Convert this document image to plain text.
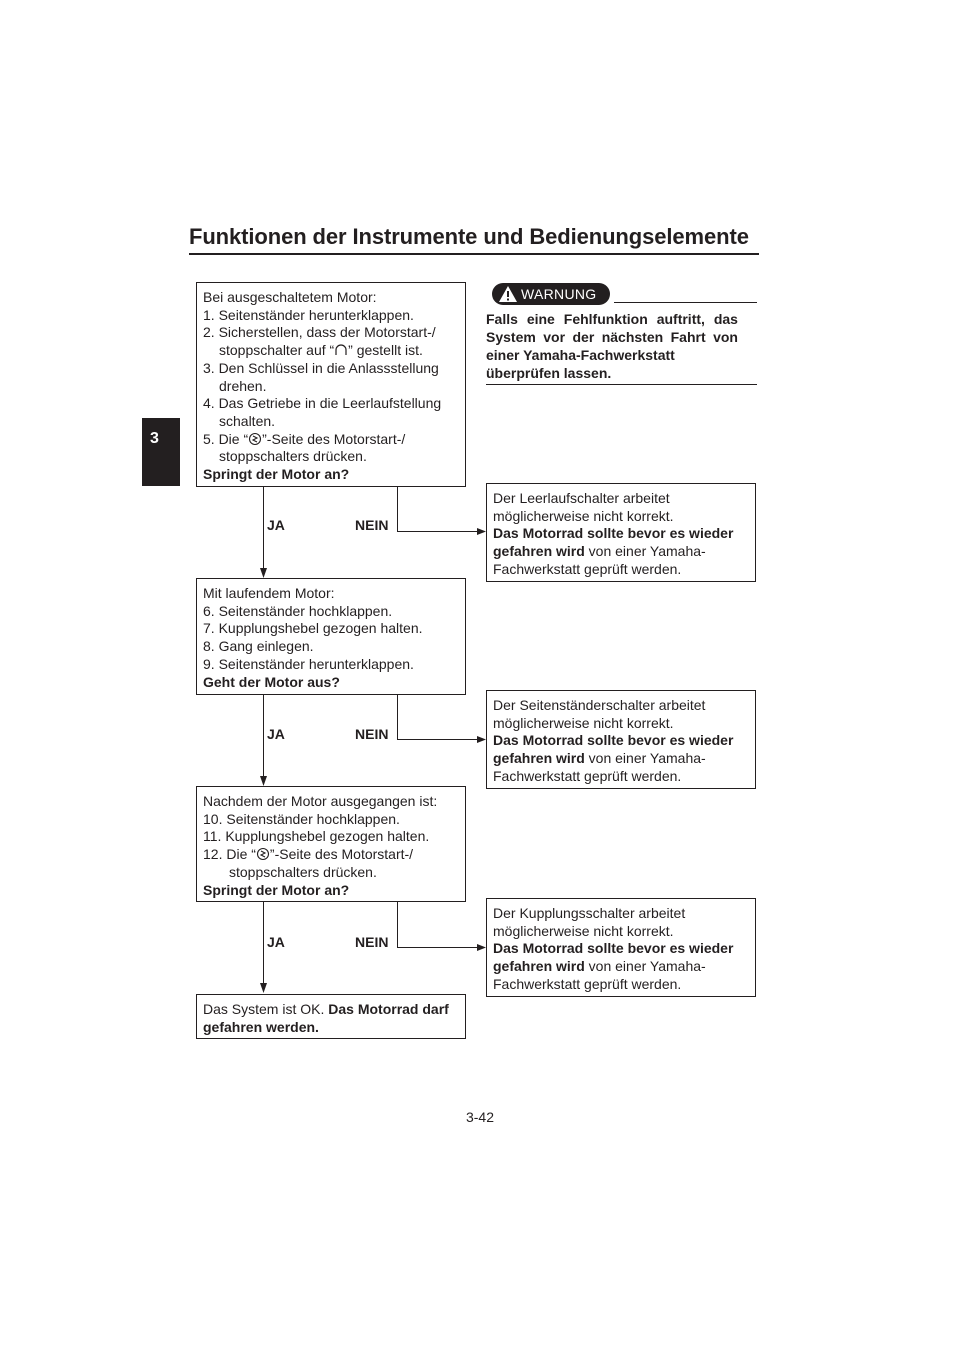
Funktionen der Instrumente und Bedienungselemente
3
Bei ausgeschaltetem Motor:
1. Seitenständer herunterklappen.
2. Sicherstellen, dass der Motorstart-/
stoppschalter auf “ ” gestellt ist.
3. Den Schlüssel in die Anlassstellung
drehen.
4. Das Getriebe in die Leerlaufstellung
schalten.
5. Die “ ”-Seite des Motorstart-/
stoppschalters drücken.
Springt der Motor an?
JA	NEIN
Der Leerlaufschalter arbeitet
möglicherweise nicht korrekt.
Das Motorrad sollte bevor es wieder
gefahren wird von einer Yamaha-
Fachwerkstatt geprüft werden.
Mit laufendem Motor:
6. Seitenständer hochklappen.
7. Kupplungshebel gezogen halten.
8. Gang einlegen.
9. Seitenständer herunterklappen.
Geht der Motor aus?
JA	NEIN
Der Seitenständerschalter arbeitet
möglicherweise nicht korrekt.
Das Motorrad sollte bevor es wieder
gefahren wird von einer Yamaha-
Fachwerkstatt geprüft werden.
Nachdem der Motor ausgegangen ist:
10. Seitenständer hochklappen.
11. Kupplungshebel gezogen halten.
12. Die “ ”-Seite des Motorstart-/
stoppschalters drücken.
Springt der Motor an?
JA	NEIN
Der Kupplungsschalter arbeitet
möglicherweise nicht korrekt.
Das Motorrad sollte bevor es wieder
gefahren wird von einer Yamaha-
Fachwerkstatt geprüft werden.
Das System ist OK. Das Motorrad darf
gefahren werden.
WARNUNG
Falls eine Fehlfunktion auftritt, das
System vor der nächsten Fahrt von
einer Yamaha-Fachwerkstatt
überprüfen lassen.
3-42
